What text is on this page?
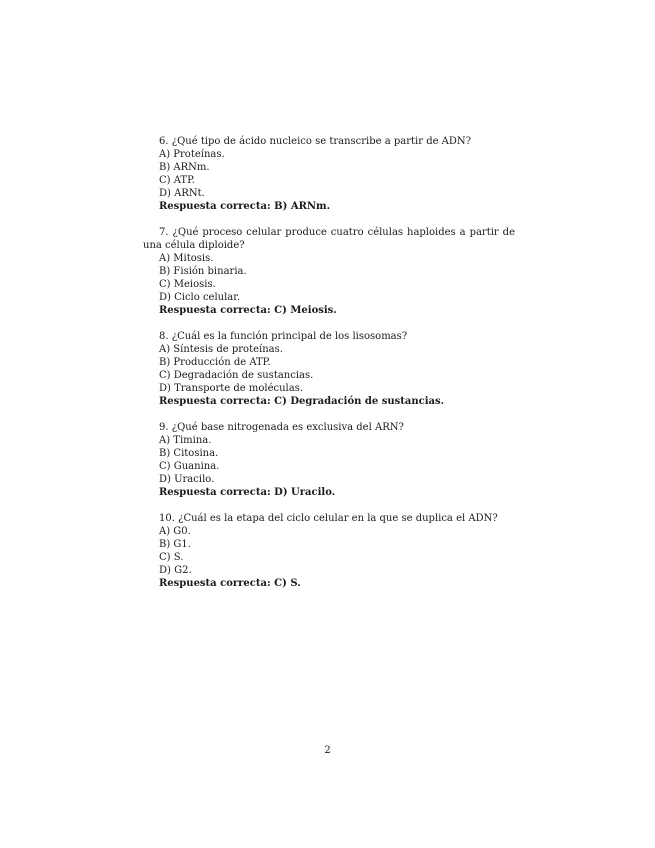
6. ¿Qué tipo de ácido nucleico se transcribe a partir de ADN?

A) Proteínas.

B) ARNm.

C) ATP.

D) ARNt.

Respuesta correcta: B) ARNm.

7. ¿Qué proceso celular produce cuatro células haploides a partir de una célula diploide?

A) Mitosis.

B) Fisión binaria.

C) Meiosis.

D) Ciclo celular.

Respuesta correcta: C) Meiosis.

8. ¿Cuál es la función principal de los lisosomas?

A) Síntesis de proteínas.

B) Producción de ATP.

C) Degradación de sustancias.

D) Transporte de moléculas.

Respuesta correcta: C) Degradación de sustancias.

9. ¿Qué base nitrogenada es exclusiva del ARN?

A) Timina.

B) Citosina.

C) Guanina.

D) Uracilo.

Respuesta correcta: D) Uracilo.

10. ¿Cuál es la etapa del ciclo celular en la que se duplica el ADN?

A) G0.

B) G1.

C) S.

D) G2.

Respuesta correcta: C) S.

2
